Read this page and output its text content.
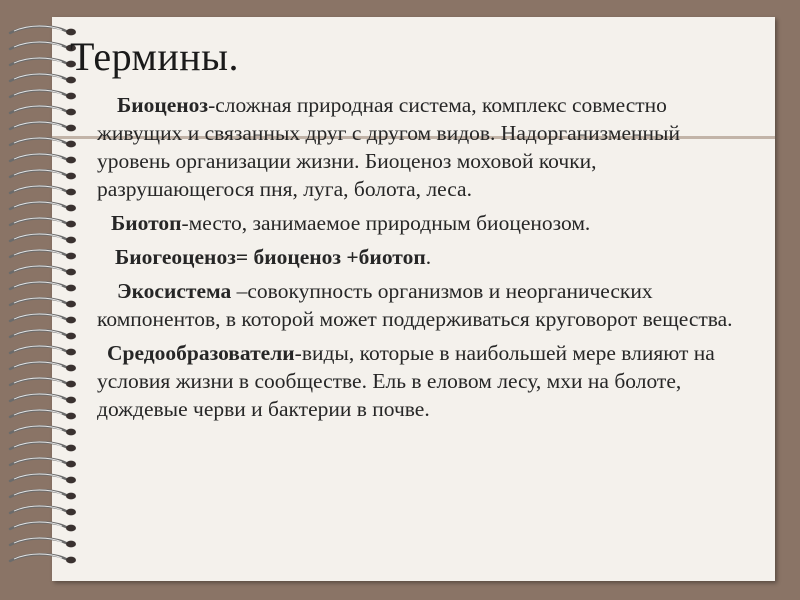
Термины.

Биоценоз-сложная природная система, комплекс совместно живущих и связанных друг с другом видов. Надорганизменный уровень организации жизни. Биоценоз моховой кочки, разрушающегося пня, луга, болота, леса.

Биотоп-место, занимаемое природным биоценозом.

Биогеоценоз= биоценоз +биотоп.

Экосистема –совокупность организмов и неорганических компонентов, в которой может поддерживаться круговорот вещества.

Средообразователи-виды, которые в наибольшей мере влияют на условия жизни в сообществе. Ель в еловом лесу, мхи на болоте, дождевые черви и бактерии в почве.
